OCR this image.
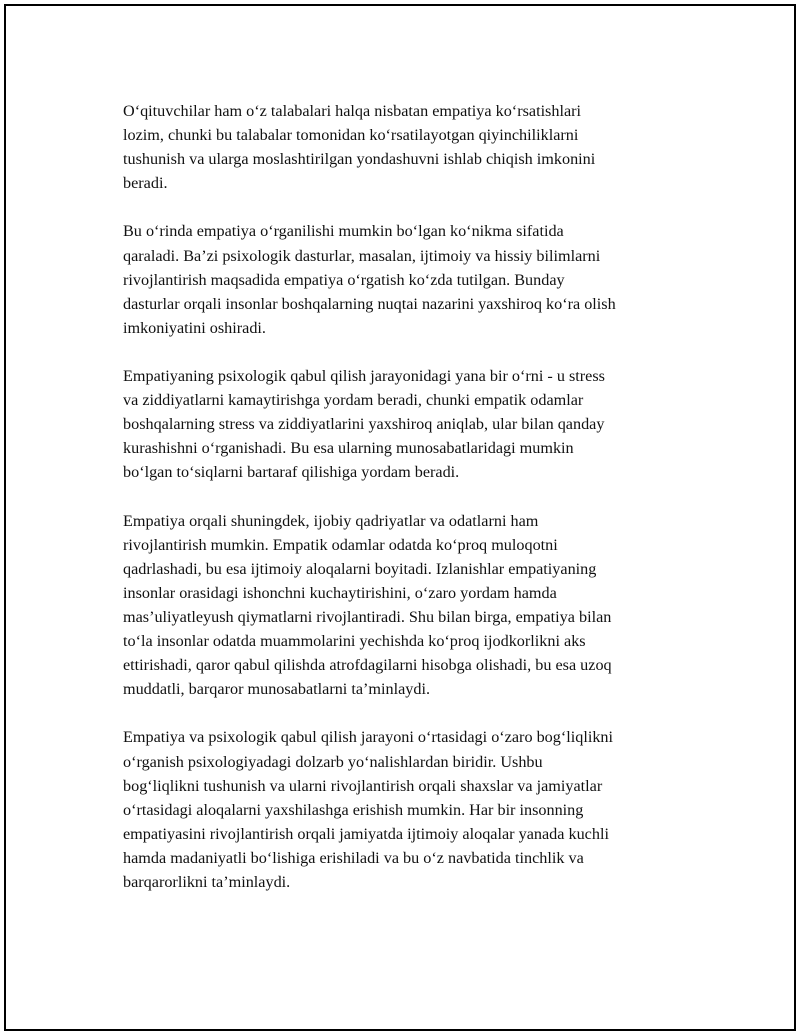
O‘qituvchilar ham o‘z talabalari halqa nisbatan empatiya ko‘rsatishlari
lozim, chunki bu talabalar tomonidan ko‘rsatilayotgan qiyinchiliklarni
tushunish va ularga moslashtirilgan yondashuvni ishlab chiqish imkonini
beradi.

Bu o‘rinda empatiya o‘rganilishi mumkin bo‘lgan ko‘nikma sifatida
qaraladi. Ba’zi psixologik dasturlar, masalan, ijtimoiy va hissiy bilimlarni
rivojlantirish maqsadida empatiya o‘rgatish ko‘zda tutilgan. Bunday
dasturlar orqali insonlar boshqalarning nuqtai nazarini yaxshiroq ko‘ra olish
imkoniyatini oshiradi.

Empatiyaning psixologik qabul qilish jarayonidagi yana bir o‘rni - u stress
va ziddiyatlarni kamaytirishga yordam beradi, chunki empatik odamlar
boshqalarning stress va ziddiyatlarini yaxshiroq aniqlab, ular bilan qanday
kurashishni o‘rganishadi. Bu esa ularning munosabatlaridagi mumkin
bo‘lgan to‘siqlarni bartaraf qilishiga yordam beradi.

Empatiya orqali shuningdek, ijobiy qadriyatlar va odatlarni ham
rivojlantirish mumkin. Empatik odamlar odatda ko‘proq muloqotni
qadrlashadi, bu esa ijtimoiy aloqalarni boyitadi. Izlanishlar empatiyaning
insonlar orasidagi ishonchni kuchaytirishini, o‘zaro yordam hamda
mas’uliyatleyush qiymatlarni rivojlantiradi. Shu bilan birga, empatiya bilan
to‘la insonlar odatda muammolarini yechishda ko‘proq ijodkorlikni aks
ettirishadi, qaror qabul qilishda atrofdagilarni hisobga olishadi, bu esa uzoq
muddatli, barqaror munosabatlarni ta’minlaydi.

Empatiya va psixologik qabul qilish jarayoni o‘rtasidagi o‘zaro bog‘liqlikni
o‘rganish psixologiyadagi dolzarb yo‘nalishlardan biridir. Ushbu
bog‘liqlikni tushunish va ularni rivojlantirish orqali shaxslar va jamiyatlar
o‘rtasidagi aloqalarni yaxshilashga erishish mumkin. Har bir insonning
empatiyasini rivojlantirish orqali jamiyatda ijtimoiy aloqalar yanada kuchli
hamda madaniyatli bo‘lishiga erishiladi va bu o‘z navbatida tinchlik va
barqarorlikni ta’minlaydi.
